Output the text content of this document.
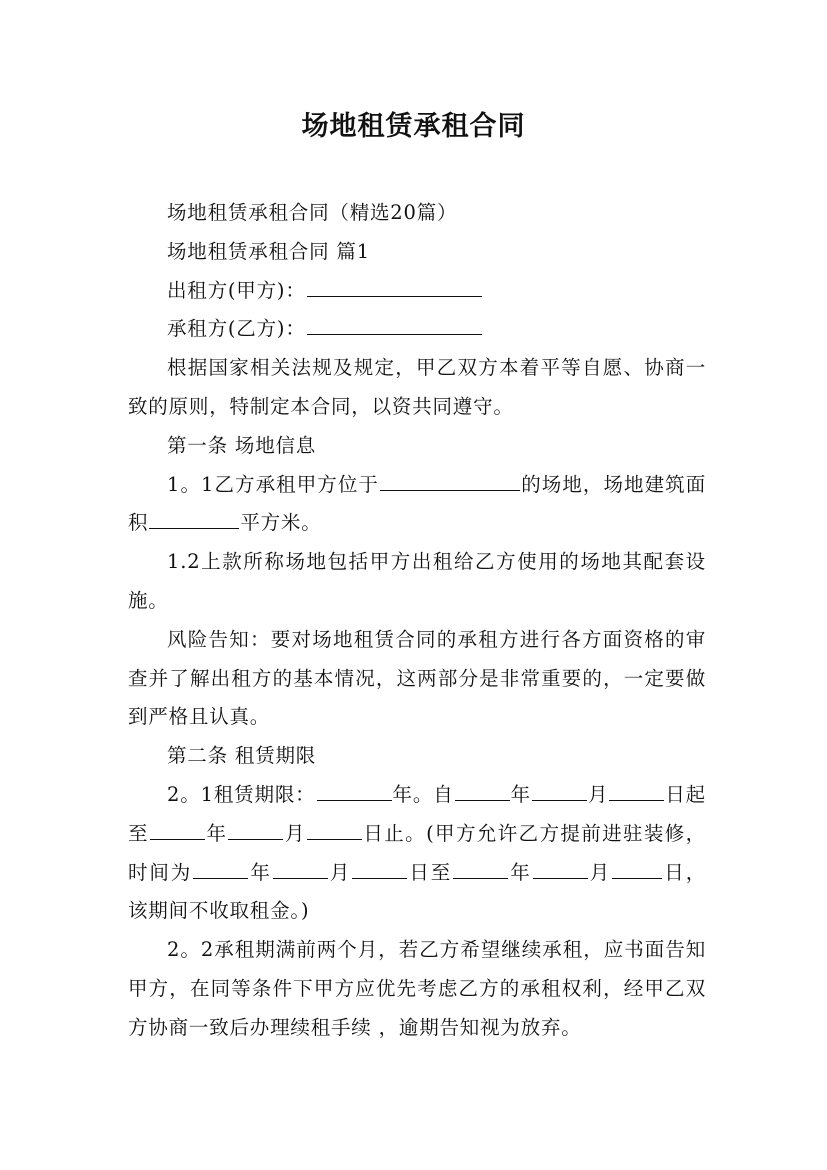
场地租赁承租合同

场地租赁承租合同（精选20篇）

场地租赁承租合同 篇1

出租方(甲方)：

承租方(乙方)：

根据国家相关法规及规定，甲乙双方本着平等自愿、协商一致的原则，特制定本合同，以资共同遵守。

第一条 场地信息

1。1乙方承租甲方位于	的场地，场地建筑面积	平方米。

1.2上款所称场地包括甲方出租给乙方使用的场地其配套设施。

风险告知：要对场地租赁合同的承租方进行各方面资格的审查并了解出租方的基本情况，这两部分是非常重要的，一定要做到严格且认真。

第二条 租赁期限

2。1租赁期限：	年。自	年	月	日起至	年	月	日止。(甲方允许乙方提前进驻装修，时间为	年	月	日至	年	月	日，该期间不收取租金。)

2。2承租期满前两个月，若乙方希望继续承租，应书面告知甲方，在同等条件下甲方应优先考虑乙方的承租权利，经甲乙双方协商一致后办理续租手续 ，逾期告知视为放弃。
